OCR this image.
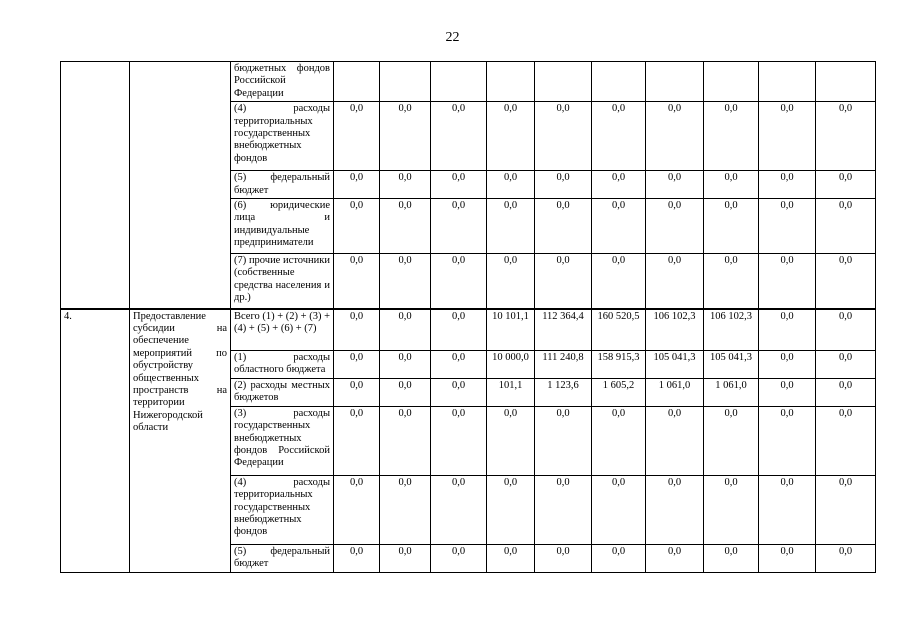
22
		бюджетных фондов Российской Федерации										
		(4) расходы территориальных государственных внебюджетных фондов	0,0	0,0	0,0	0,0	0,0	0,0	0,0	0,0	0,0	0,0
		(5) федеральный бюджет	0,0	0,0	0,0	0,0	0,0	0,0	0,0	0,0	0,0	0,0
		(6) юридические лица и индивидуальные предприниматели	0,0	0,0	0,0	0,0	0,0	0,0	0,0	0,0	0,0	0,0
		(7) прочие источники (собственные средства населения и др.)	0,0	0,0	0,0	0,0	0,0	0,0	0,0	0,0	0,0	0,0
4.	Предоставление субсидии на обеспечение мероприятий по обустройству общественных пространств на территории Нижегородской области	Всего (1) + (2) + (3) + (4) + (5) + (6) + (7)	0,0	0,0	0,0	10 101,1	112 364,4	160 520,5	106 102,3	106 102,3	0,0	0,0
		(1) расходы областного бюджета	0,0	0,0	0,0	10 000,0	111 240,8	158 915,3	105 041,3	105 041,3	0,0	0,0
		(2) расходы местных бюджетов	0,0	0,0	0,0	101,1	1 123,6	1 605,2	1 061,0	1 061,0	0,0	0,0
		(3) расходы государственных внебюджетных фондов Российской Федерации	0,0	0,0	0,0	0,0	0,0	0,0	0,0	0,0	0,0	0,0
		(4) расходы территориальных государственных внебюджетных фондов	0,0	0,0	0,0	0,0	0,0	0,0	0,0	0,0	0,0	0,0
		(5) федеральный бюджет	0,0	0,0	0,0	0,0	0,0	0,0	0,0	0,0	0,0	0,0
